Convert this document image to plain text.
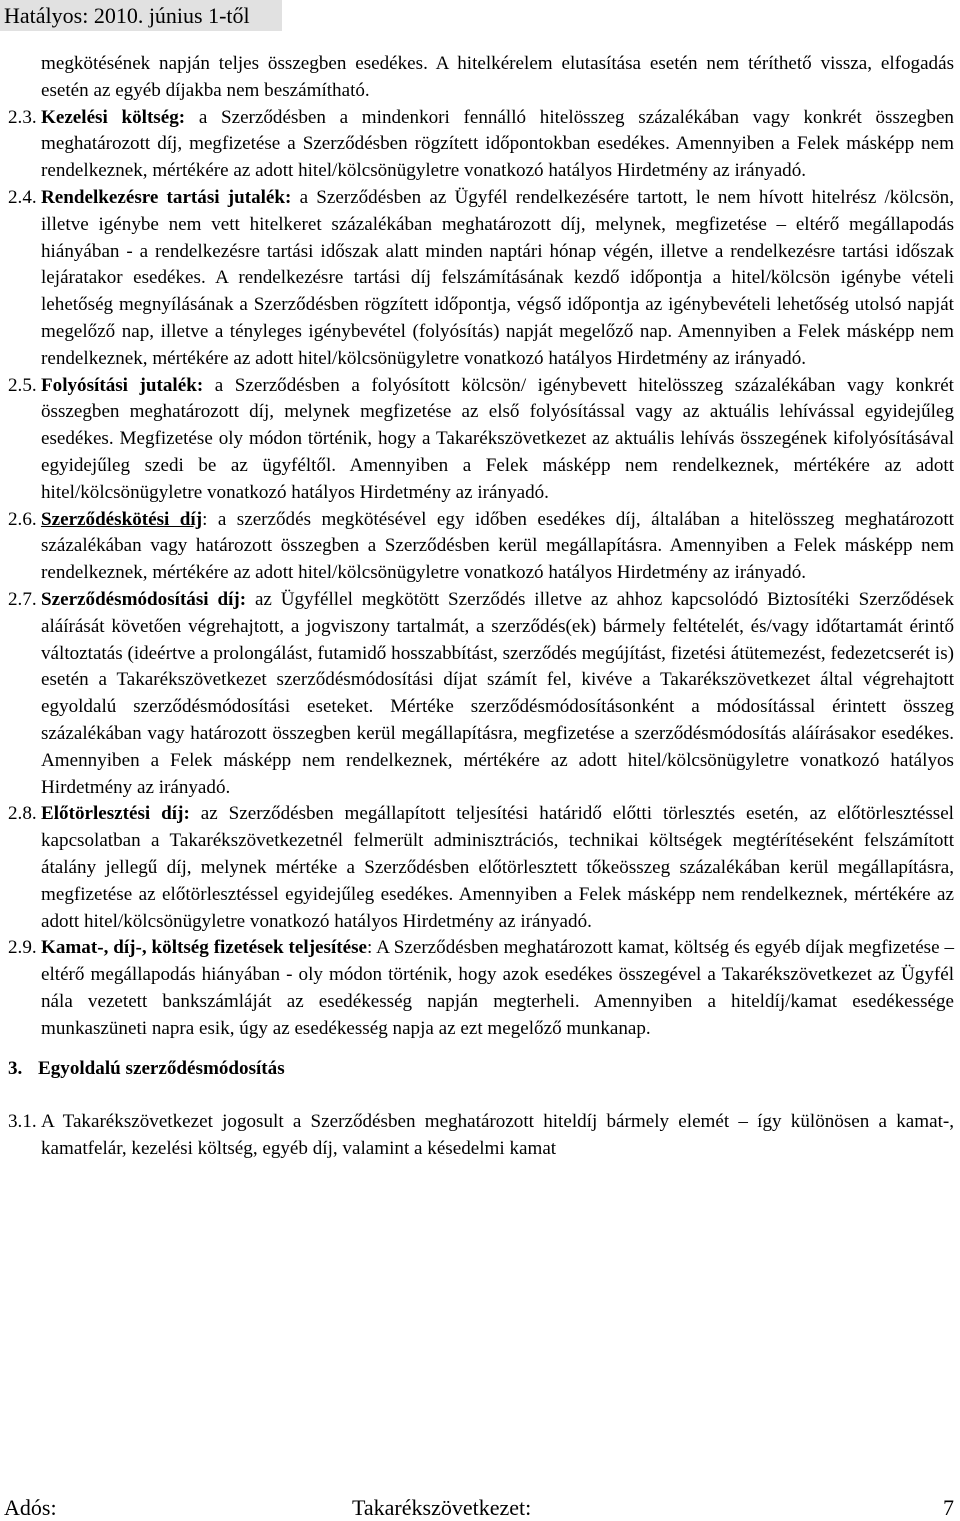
Hatályos: 2010. június 1-től
megkötésének napján teljes összegben esedékes. A hitelkérelem elutasítása esetén nem téríthető vissza, elfogadás esetén az egyéb díjakba nem beszámítható.
2.3. Kezelési költség: a Szerződésben a mindenkori fennálló hitelösszeg százalékában vagy konkrét összegben meghatározott díj, megfizetése a Szerződésben rögzített időpontokban esedékes. Amennyiben a Felek másképp nem rendelkeznek, mértékére az adott hitel/kölcsönügyletre vonatkozó hatályos Hirdetmény az irányadó.
2.4. Rendelkezésre tartási jutalék: a Szerződésben az Ügyfél rendelkezésére tartott, le nem hívott hitelrész /kölcsön, illetve igénybe nem vett hitelkeret százalékában meghatározott díj, melynek, megfizetése – eltérő megállapodás hiányában - a rendelkezésre tartási időszak alatt minden naptári hónap végén, illetve a rendelkezésre tartási időszak lejáratakor esedékes. A rendelkezésre tartási díj felszámításának kezdő időpontja a hitel/kölcsön igénybe vételi lehetőség megnyílásának a Szerződésben rögzített időpontja, végső időpontja az igénybevételi lehetőség utolsó napját megelőző nap, illetve a tényleges igénybevétel (folyósítás) napját megelőző nap. Amennyiben a Felek másképp nem rendelkeznek, mértékére az adott hitel/kölcsönügyletre vonatkozó hatályos Hirdetmény az irányadó.
2.5. Folyósítási jutalék: a Szerződésben a folyósított kölcsön/ igénybevett hitelösszeg százalékában vagy konkrét összegben meghatározott díj, melynek megfizetése az első folyósítással vagy az aktuális lehívással egyidejűleg esedékes. Megfizetése oly módon történik, hogy a Takarékszövetkezet az aktuális lehívás összegének kifolyósításával egyidejűleg szedi be az ügyféltől. Amennyiben a Felek másképp nem rendelkeznek, mértékére az adott hitel/kölcsönügyletre vonatkozó hatályos Hirdetmény az irányadó.
2.6. Szerződéskötési díj: a szerződés megkötésével egy időben esedékes díj, általában a hitelösszeg meghatározott százalékában vagy határozott összegben a Szerződésben kerül megállapításra. Amennyiben a Felek másképp nem rendelkeznek, mértékére az adott hitel/kölcsönügyletre vonatkozó hatályos Hirdetmény az irányadó.
2.7. Szerződésmódosítási díj: az Ügyféllel megkötött Szerződés illetve az ahhoz kapcsolódó Biztosítéki Szerződések aláírását követően végrehajtott, a jogviszony tartalmát, a szerződés(ek) bármely feltételét, és/vagy időtartamát érintő változtatás (ideértve a prolongálást, futamidő hosszabbítást, szerződés megújítást, fizetési átütemezést, fedezetcserét is) esetén a Takarékszövetkezet szerződésmódosítási díjat számít fel, kivéve a Takarékszövetkezet által végrehajtott egyoldalú szerződésmódosítási eseteket. Mértéke szerződésmódosításonként a módosítással érintett összeg százalékában vagy határozott összegben kerül megállapításra, megfizetése a szerződésmódosítás aláírásakor esedékes. Amennyiben a Felek másképp nem rendelkeznek, mértékére az adott hitel/kölcsönügyletre vonatkozó hatályos Hirdetmény az irányadó.
2.8. Előtörlesztési díj: az Szerződésben megállapított teljesítési határidő előtti törlesztés esetén, az előtörlesztéssel kapcsolatban a Takarékszövetkezetnél felmerült adminisztrációs, technikai költségek megtérítéseként felszámított átalány jellegű díj, melynek mértéke a Szerződésben előtörlesztett tőkeösszeg százalékában kerül megállapításra, megfizetése az előtörlesztéssel egyidejűleg esedékes. Amennyiben a Felek másképp nem rendelkeznek, mértékére az adott hitel/kölcsönügyletre vonatkozó hatályos Hirdetmény az irányadó.
2.9. Kamat-, díj-, költség fizetések teljesítése: A Szerződésben meghatározott kamat, költség és egyéb díjak megfizetése – eltérő megállapodás hiányában - oly módon történik, hogy azok esedékes összegével a Takarékszövetkezet az Ügyfél nála vezetett bankszámláját az esedékesség napján megterheli. Amennyiben a hiteldíj/kamat esedékessége munkaszüneti napra esik, úgy az esedékesség napja az ezt megelőző munkanap.
3. Egyoldalú szerződésmódosítás
3.1. A Takarékszövetkezet jogosult a Szerződésben meghatározott hiteldíj bármely elemét – így különösen a kamat-, kamatfelár, kezelési költség, egyéb díj, valamint a késedelmi kamat
Adós:	Takarékszövetkezet:	7
